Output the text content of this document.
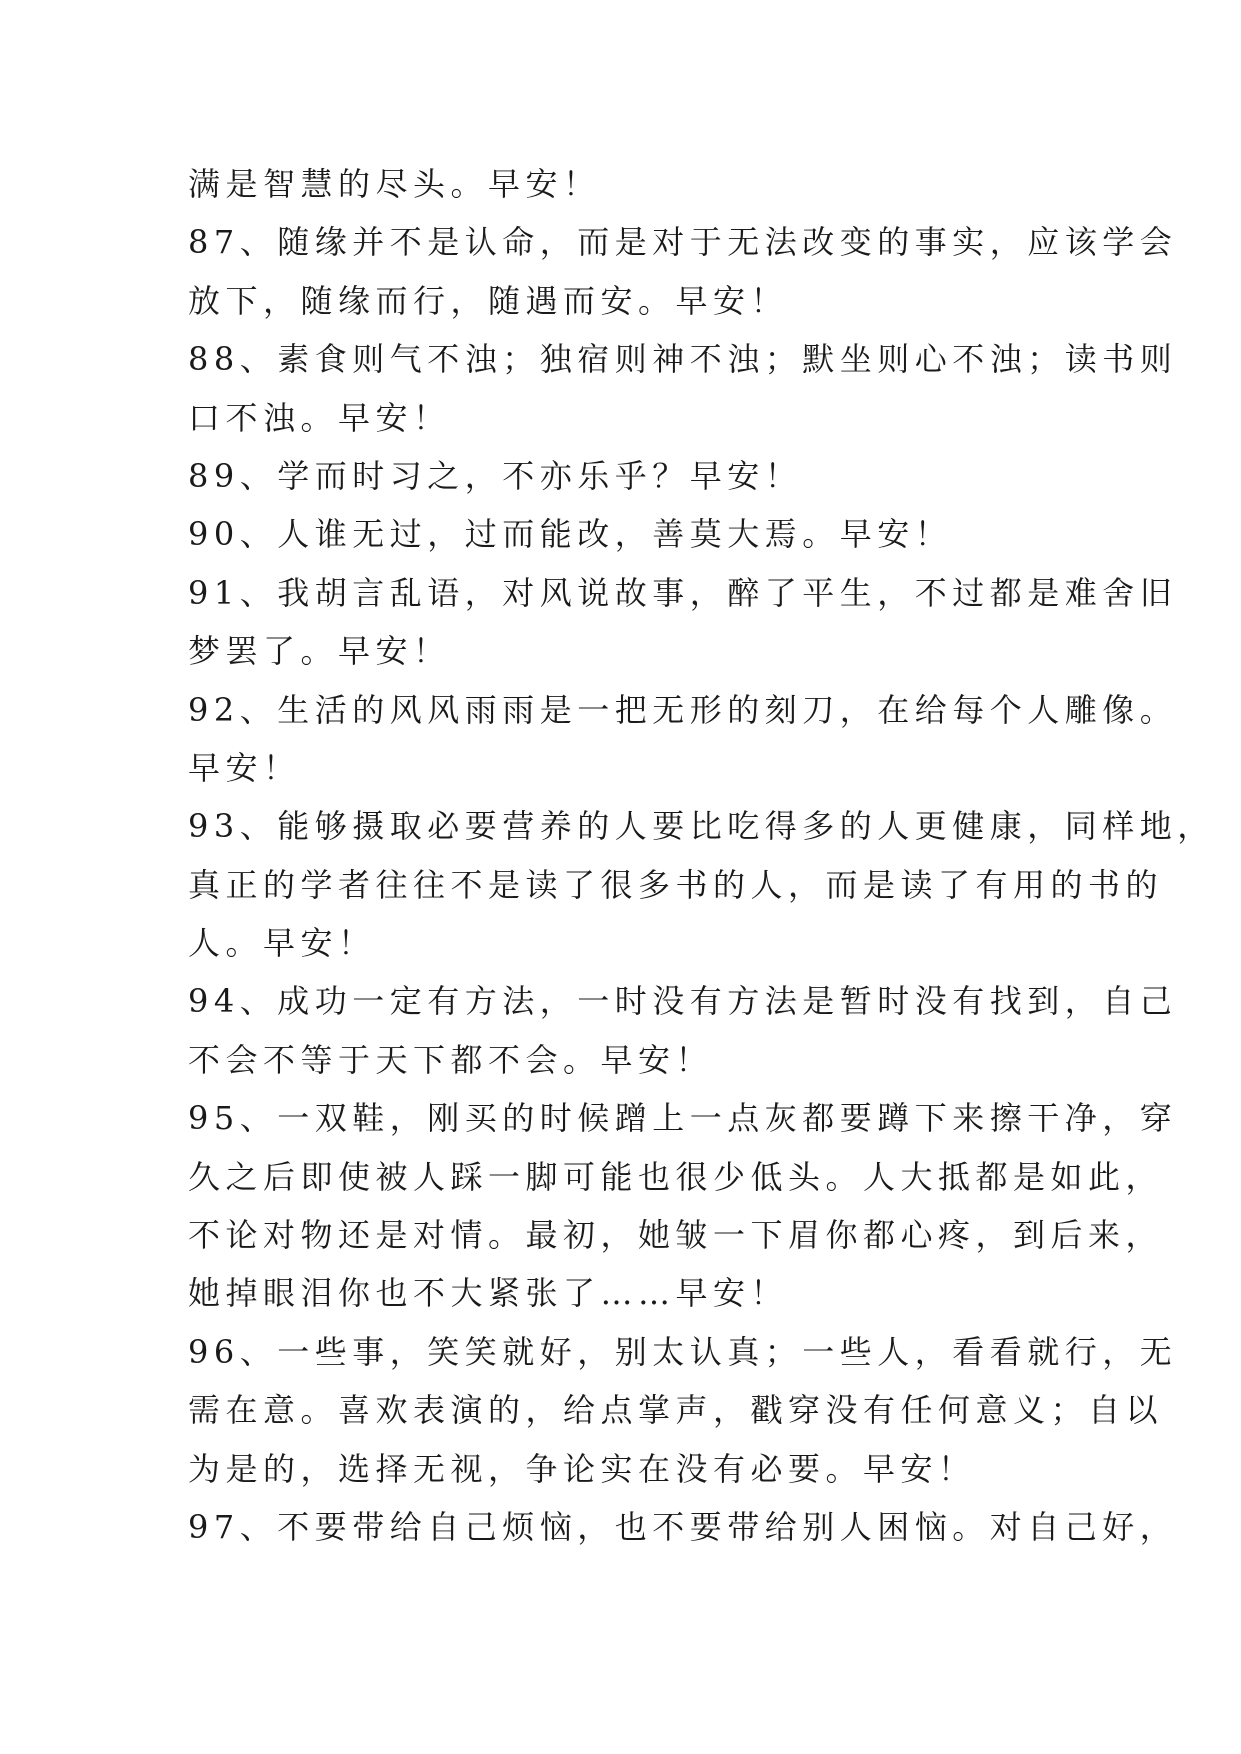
满是智慧的尽头。早安！
87、随缘并不是认命，而是对于无法改变的事实，应该学会
放下，随缘而行，随遇而安。早安！
88、素食则气不浊；独宿则神不浊；默坐则心不浊；读书则
口不浊。早安！
89、学而时习之，不亦乐乎？早安！
90、人谁无过，过而能改，善莫大焉。早安！
91、我胡言乱语，对风说故事，醉了平生，不过都是难舍旧
梦罢了。早安！
92、生活的风风雨雨是一把无形的刻刀，在给每个人雕像。
早安！
93、能够摄取必要营养的人要比吃得多的人更健康，同样地，
真正的学者往往不是读了很多书的人，而是读了有用的书的
人。早安！
94、成功一定有方法，一时没有方法是暂时没有找到，自己
不会不等于天下都不会。早安！
95、一双鞋，刚买的时候蹭上一点灰都要蹲下来擦干净，穿
久之后即使被人踩一脚可能也很少低头。人大抵都是如此，
不论对物还是对情。最初，她皱一下眉你都心疼，到后来，
她掉眼泪你也不大紧张了……早安！
96、一些事，笑笑就好，别太认真；一些人，看看就行，无
需在意。喜欢表演的，给点掌声，戳穿没有任何意义；自以
为是的，选择无视，争论实在没有必要。早安！
97、不要带给自己烦恼，也不要带给别人困恼。对自己好，
